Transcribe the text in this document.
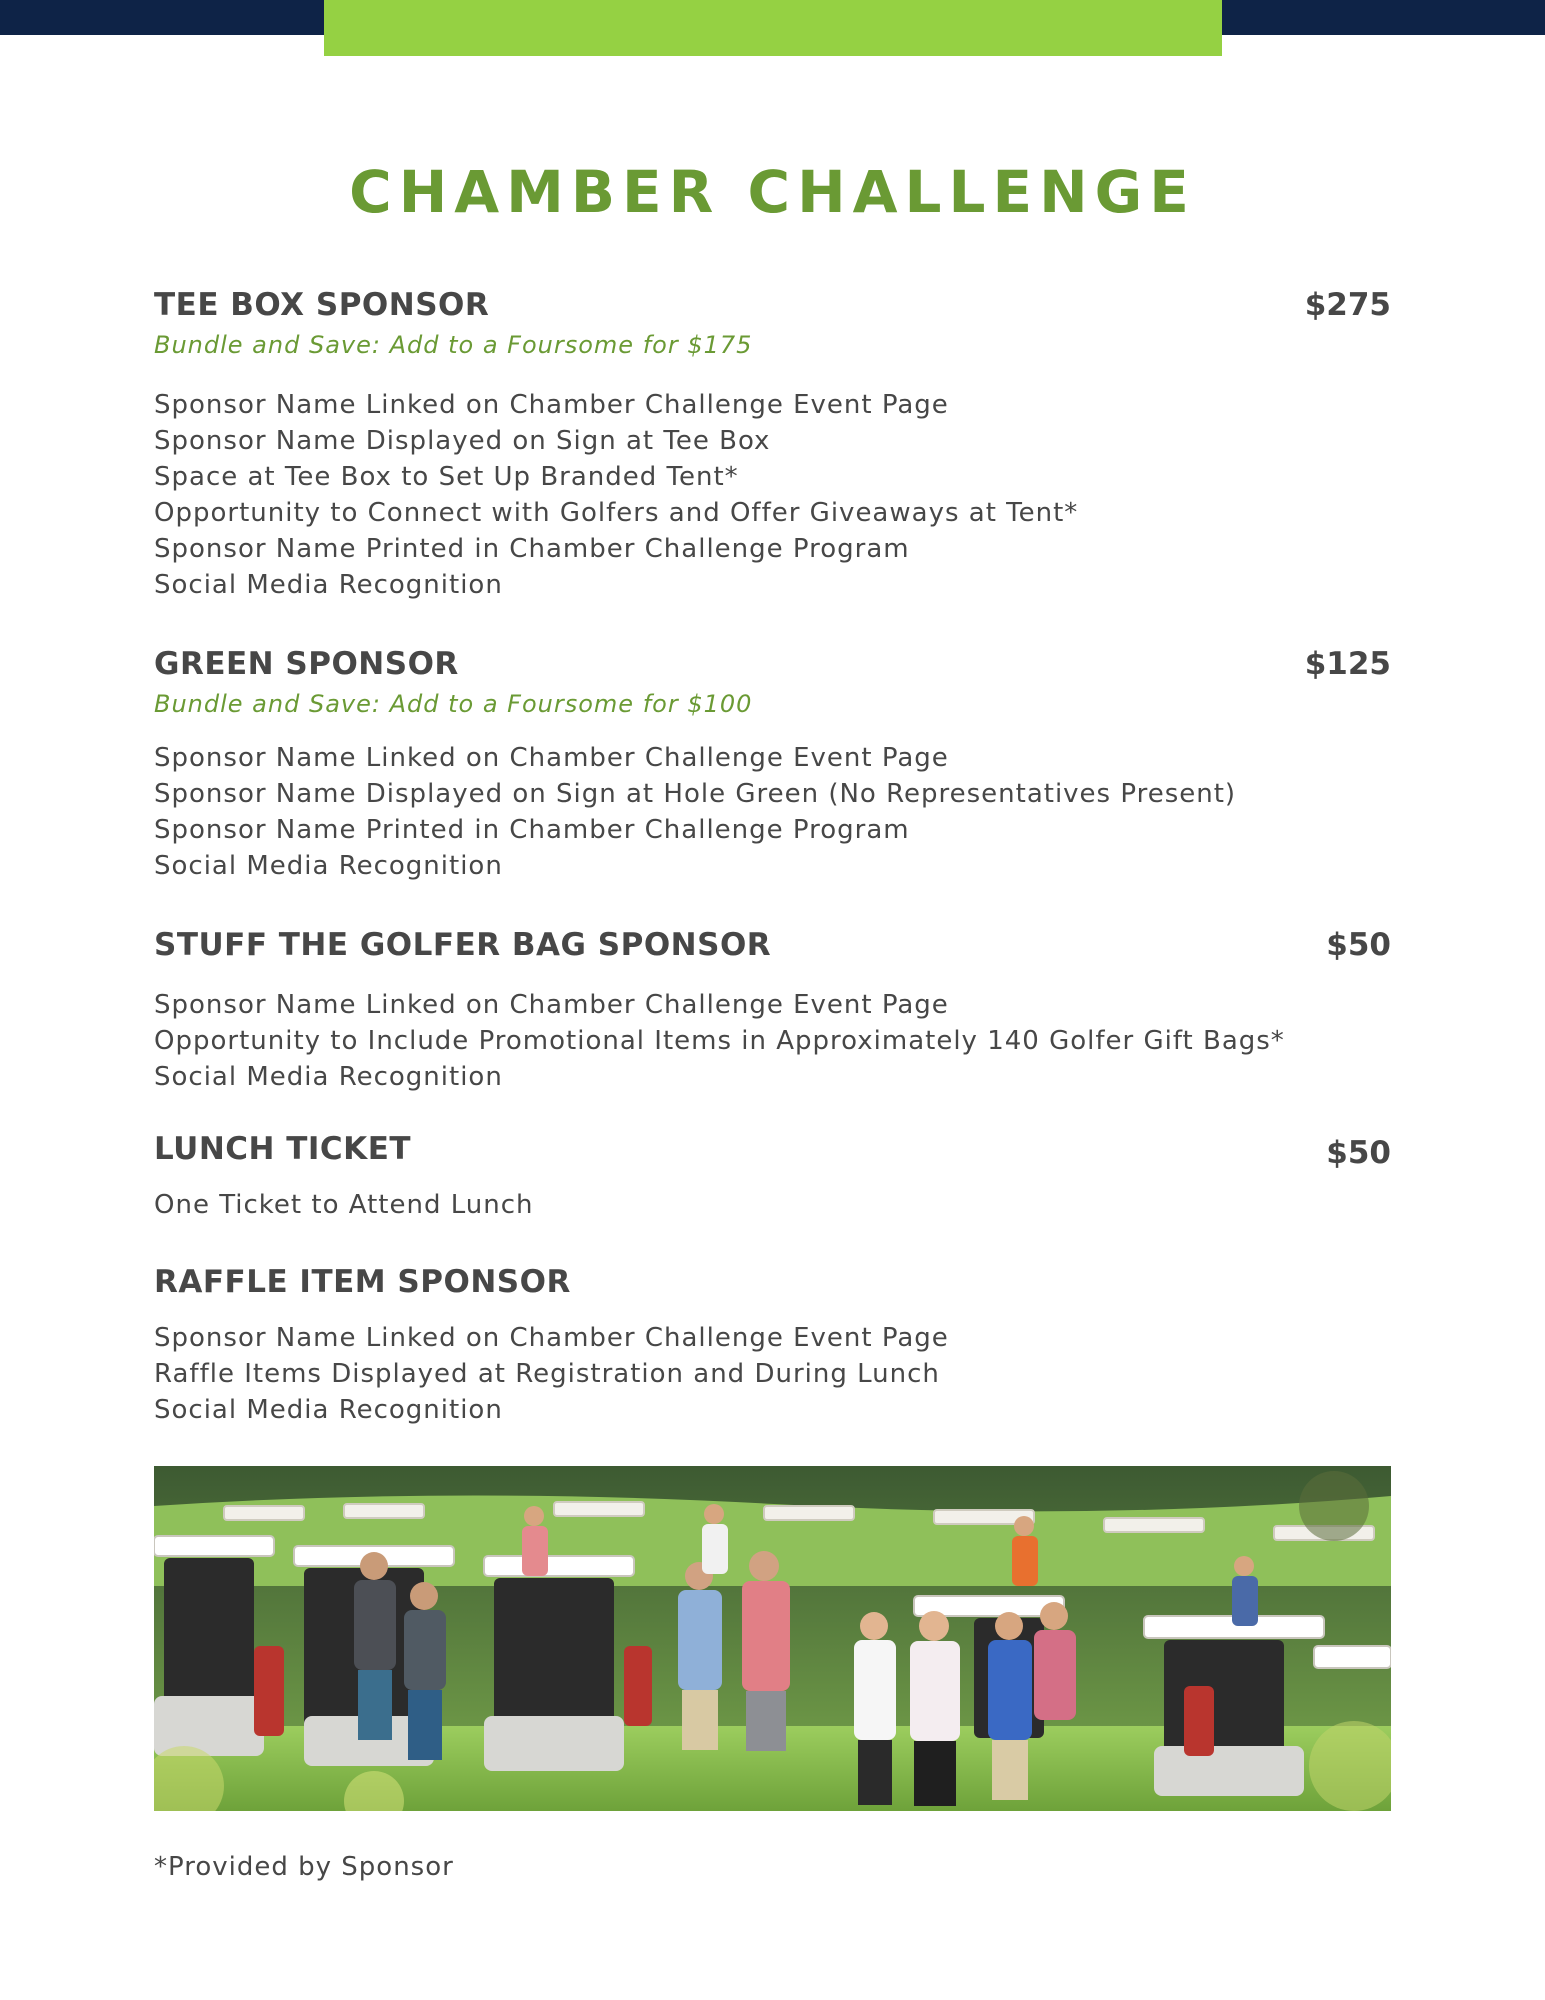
CHAMBER CHALLENGE
TEE BOX SPONSOR	$275
Bundle and Save: Add to a Foursome for $175
Sponsor Name Linked on Chamber Challenge Event Page
Sponsor Name Displayed on Sign at Tee Box
Space at Tee Box to Set Up Branded Tent*
Opportunity to Connect with Golfers and Offer Giveaways at Tent*
Sponsor Name Printed in Chamber Challenge Program
Social Media Recognition
GREEN SPONSOR	$125
Bundle and Save: Add to a Foursome for $100
Sponsor Name Linked on Chamber Challenge Event Page
Sponsor Name Displayed on Sign at Hole Green (No Representatives Present)
Sponsor Name Printed in Chamber Challenge Program
Social Media Recognition
STUFF THE GOLFER BAG SPONSOR	$50
Sponsor Name Linked on Chamber Challenge Event Page
Opportunity to Include Promotional Items in Approximately 140 Golfer Gift Bags*
Social Media Recognition
LUNCH TICKET	$50
One Ticket to Attend Lunch
RAFFLE ITEM SPONSOR
Sponsor Name Linked on Chamber Challenge Event Page
Raffle Items Displayed at Registration and During Lunch
Social Media Recognition
*Provided by Sponsor
